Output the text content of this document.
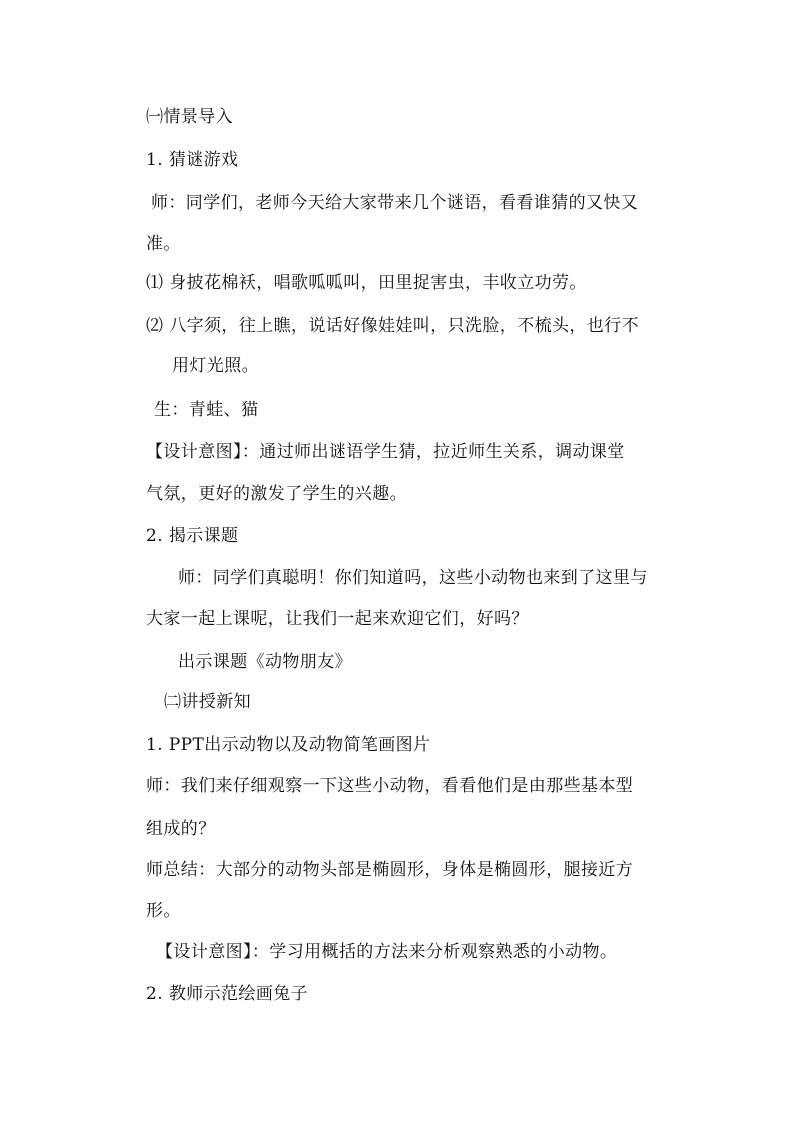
㈠情景导入
1. 猜谜游戏
师：同学们，老师今天给大家带来几个谜语，看看谁猜的又快又
准。
⑴ 身披花棉袄，唱歌呱呱叫，田里捉害虫，丰收立功劳。
⑵ 八字须，往上瞧，说话好像娃娃叫，只洗脸，不梳头，也行不
用灯光照。
生：青蛙、猫
【设计意图】：通过师出谜语学生猜，拉近师生关系，调动课堂
气氛，更好的激发了学生的兴趣。
2. 揭示课题
师：同学们真聪明！你们知道吗，这些小动物也来到了这里与
大家一起上课呢，让我们一起来欢迎它们，好吗？
出示课题《动物朋友》
㈡讲授新知
1. PPT出示动物以及动物简笔画图片
师：我们来仔细观察一下这些小动物，看看他们是由那些基本型
组成的？
师总结：大部分的动物头部是椭圆形，身体是椭圆形，腿接近方
形。
【设计意图】：学习用概括的方法来分析观察熟悉的小动物。
2. 教师示范绘画兔子
